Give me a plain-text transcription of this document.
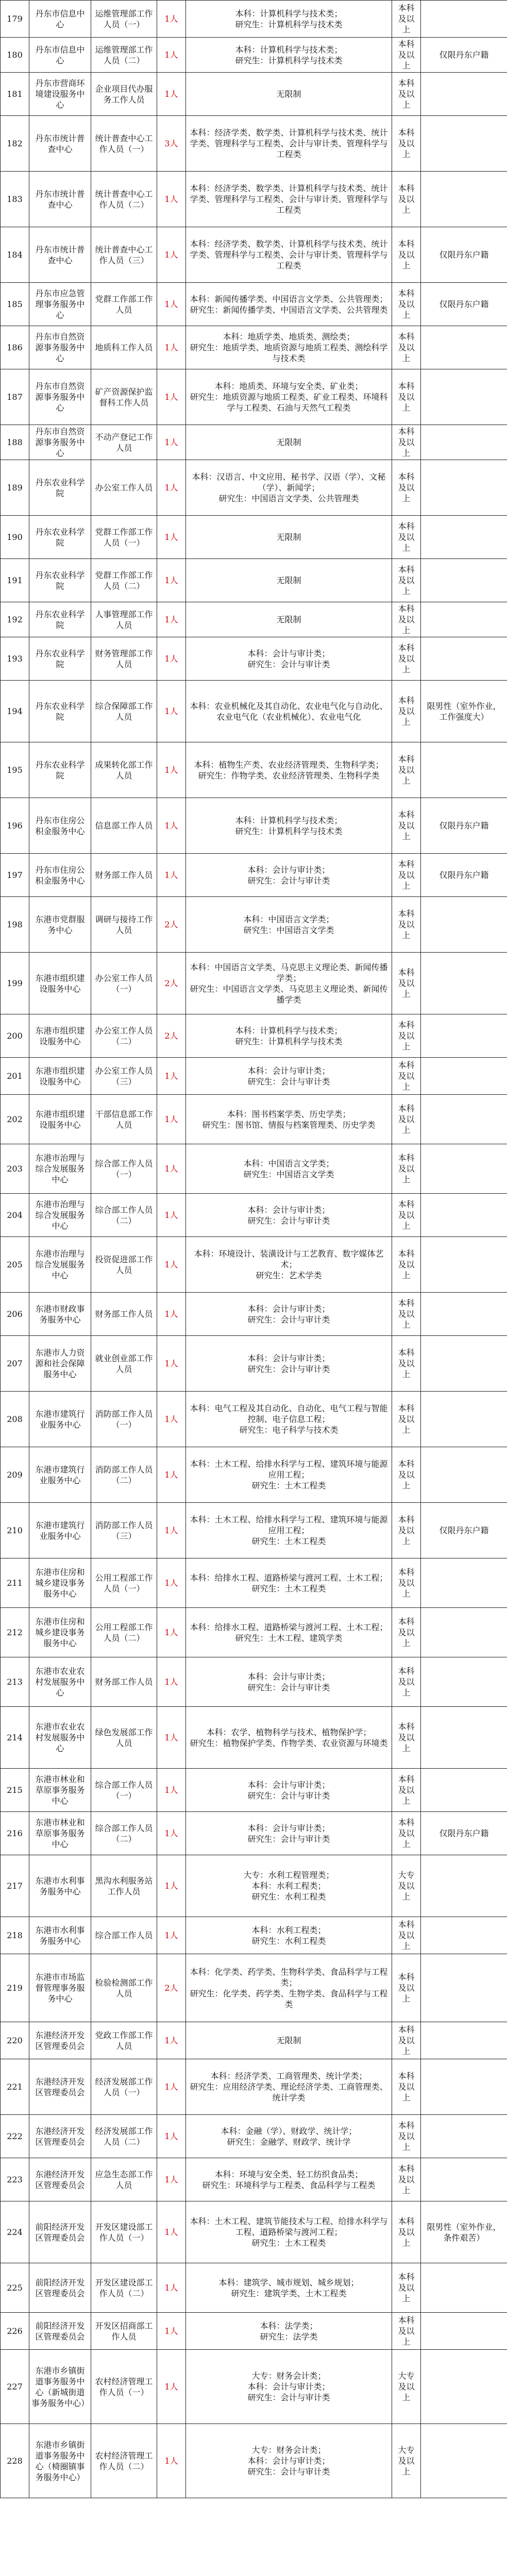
179	丹东市信息中心	运维管理部工作人员（一）	1人	本科：计算机科学与技术类；
研究生：计算机科学与技术类	本科及以上	
180	丹东市信息中心	运维管理部工作人员（二）	1人	本科：计算机科学与技术类；
研究生：计算机科学与技术类	本科及以上	仅限丹东户籍
181	丹东市营商环境建设服务中心	企业项目代办服务工作人员	1人	无限制	本科及以上	
182	丹东市统计普查中心	统计普查中心工作人员（一）	3人	本科：经济学类、数学类、计算机科学与技术类、统计学类、管理科学与工程类、会计与审计类、管理科学与工程类	本科及以上	
183	丹东市统计普查中心	统计普查中心工作人员（二）	1人	本科：经济学类、数学类、计算机科学与技术类、统计学类、管理科学与工程类、会计与审计类、管理科学与工程类	本科及以上	
184	丹东市统计普查中心	统计普查中心工作人员（三）	1人	本科：经济学类、数学类、计算机科学与技术类、统计学类、管理科学与工程类、会计与审计类、管理科学与工程类	本科及以上	仅限丹东户籍
185	丹东市应急管理事务服务中心	党群工作部工作人员	1人	本科：新闻传播学类、中国语言文学类、公共管理类；
研究生：新闻传播学类、中国语言文学类、公共管理类	本科及以上	仅限丹东户籍
186	丹东市自然资源事务服务中心	地质科工作人员	1人	本科：地质学类、地质类、测绘类；
研究生：地质学类、地质资源与地质工程类、测绘科学与技术类	本科及以上	
187	丹东市自然资源事务服务中心	矿产资源保护监督科工作人员	1人	本科：地质类、环境与安全类、矿业类；
研究生：地质资源与地质工程类、矿业工程类、环境科学与工程类、石油与天然气工程类	本科及以上	
188	丹东市自然资源事务服务中心	不动产登记工作人员	1人	无限制	本科及以上	
189	丹东农业科学院	办公室工作人员	1人	本科：汉语言、中文应用、秘书学、汉语（学）、文秘（学）、新闻学；
研究生：中国语言文学类、公共管理类	本科及以上	
190	丹东农业科学院	党群工作部工作人员（一）	1人	无限制	本科及以上	
191	丹东农业科学院	党群工作部工作人员（二）	1人	无限制	本科及以上	
192	丹东农业科学院	人事管理部工作人员	1人	无限制	本科及以上	
193	丹东农业科学院	财务管理部工作人员	1人	本科：会计与审计类；
研究生：会计与审计类	本科及以上	
194	丹东农业科学院	综合保障部工作人员	1人	本科：农业机械化及其自动化、农业电气化与自动化、农业电气化（农业机械化）、农业电气化	本科及以上	限男性（室外作业，工作强度大）
195	丹东农业科学院	成果转化部工作人员	1人	本科：植物生产类、农业经济管理类、生物科学类；
研究生：作物学类、农业经济管理类、生物科学类	本科及以上	
196	丹东市住房公积金服务中心	信息部工作人员	1人	本科：计算机科学与技术类；
研究生：计算机科学与技术类	本科及以上	仅限丹东户籍
197	丹东市住房公积金服务中心	财务部工作人员	1人	本科：会计与审计类；
研究生：会计与审计类	本科及以上	仅限丹东户籍
198	东港市党群服务中心	调研与接待工作人员	2人	本科：中国语言文学类；
研究生：中国语言文学类	本科及以上	
199	东港市组织建设服务中心	办公室工作人员（一）	2人	本科：中国语言文学类、马克思主义理论类、新闻传播学类；
研究生：中国语言文学类、马克思主义理论类、新闻传播学类	本科及以上	
200	东港市组织建设服务中心	办公室工作人员（二）	2人	本科：计算机科学与技术类；
研究生：计算机科学与技术类	本科及以上	
201	东港市组织建设服务中心	办公室工作人员（三）	1人	本科：会计与审计类；
研究生：会计与审计类	本科及以上	
202	东港市组织建设服务中心	干部信息部工作人员	1人	本科：图书档案学类、历史学类；
研究生：图书馆、情报与档案管理类、历史学类	本科及以上	
203	东港市治理与综合发展服务中心	综合部工作人员（一）	1人	本科：中国语言文学类；
研究生：中国语言文学类	本科及以上	
204	东港市治理与综合发展服务中心	综合部工作人员（二）	1人	本科：会计与审计类；
研究生：会计与审计类	本科及以上	
205	东港市治理与综合发展服务中心	投资促进部工作人员	1人	本科：环境设计、装潢设计与工艺教育、数字媒体艺术；
研究生：艺术学类	本科及以上	
206	东港市财政事务服务中心	财务部工作人员	1人	本科：会计与审计类；
研究生：会计与审计类	本科及以上	
207	东港市人力资源和社会保障服务中心	就业创业部工作人员	1人	本科：会计与审计类；
研究生：会计与审计类	本科及以上	
208	东港市建筑行业服务中心	消防部工作人员（一）	1人	本科：电气工程及其自动化、自动化、电气工程与智能控制、电子信息工程；
研究生：电子科学与技术类	本科及以上	
209	东港市建筑行业服务中心	消防部工作人员（二）	1人	本科：土木工程、给排水科学与工程、建筑环境与能源应用工程；
研究生：土木工程类	本科及以上	
210	东港市建筑行业服务中心	消防部工作人员（三）	1人	本科：土木工程、给排水科学与工程、建筑环境与能源应用工程；
研究生：土木工程类	本科及以上	仅限丹东户籍
211	东港市住房和城乡建设事务服务中心	公用工程部工作人员（一）	1人	本科：给排水工程、道路桥梁与渡河工程、土木工程；
研究生：土木工程类	本科及以上	
212	东港市住房和城乡建设事务服务中心	公用工程部工作人员（二）	1人	本科：给排水工程、道路桥梁与渡河工程、土木工程；
研究生：土木工程、建筑学类	本科及以上	
213	东港市农业农村发展服务中心	财务部工作人员	1人	本科：会计与审计类；
研究生：会计与审计类	本科及以上	
214	东港市农业农村发展服务中心	绿色发展部工作人员	1人	本科：农学、植物科学与技术、植物保护学；
研究生：植物保护学类、作物学类、农业资源与环境类	本科及以上	
215	东港市林业和草原事务服务中心	综合部工作人员（一）	1人	本科：会计与审计类；
研究生：会计与审计类	本科及以上	
216	东港市林业和草原事务服务中心	综合部工作人员（二）	1人	本科：会计与审计类；
研究生：会计与审计类	本科及以上	仅限丹东户籍
217	东港市水利事务服务中心	黑沟水利服务站工作人员	1人	大专：水利工程管理类；
本科：水利工程类；
研究生：水利工程类	大专及以上	
218	东港市水利事务服务中心	综合部工作人员	1人	本科：水利工程类；
研究生：水利工程类	本科及以上	
219	东港市市场监督管理事务服务中心	检验检测部工作人员	2人	本科：化学类、药学类、生物科学类、食品科学与工程类；
研究生：化学类、药学类、生物学类、食品科学与工程类	本科及以上	
220	东港经济开发区管理委员会	党政工作部工作人员	1人	无限制	本科及以上	
221	东港经济开发区管理委员会	经济发展部工作人员（一）	1人	本科：经济学类、工商管理类、统计学类；
研究生：应用经济学类、理论经济学类、工商管理类、统计学类	本科及以上	
222	东港经济开发区管理委员会	经济发展部工作人员（二）	1人	本科：金融（学）、财政学、统计学；
研究生：金融学、财政学、统计学	本科及以上	
223	东港经济开发区管理委员会	应急生态部工作人员	1人	本科：环境与安全类、轻工纺织食品类；
研究生：环境科学与工程类、食品科学与工程类	本科及以上	
224	前阳经济开发区管理委员会	开发区建设部工作人员（一）	1人	本科：土木工程、建筑节能技术与工程、给排水科学与工程、道路桥梁与渡河工程；
研究生：土木工程类	本科及以上	限男性（室外作业，条件艰苦）
225	前阳经济开发区管理委员会	开发区建设部工作人员（二）	1人	本科：建筑学、城市规划、城乡规划；
研究生：建筑学类、土木工程类	本科及以上	
226	前阳经济开发区管理委员会	开发区招商部工作人员	1人	本科：法学类；
研究生：法学类	本科及以上	
227	东港市乡镇街道事务服务中心（新城街道事务服务中心）	农村经济管理工作人员（一）	1人	大专：财务会计类；
本科：会计与审计类；
研究生：会计与审计类	大专及以上	
228	东港市乡镇街道事务服务中心（椅圈镇事务服务中心）	农村经济管理工作人员（二）	1人	大专：财务会计类；
本科：会计与审计类；
研究生：会计与审计类	大专及以上	
